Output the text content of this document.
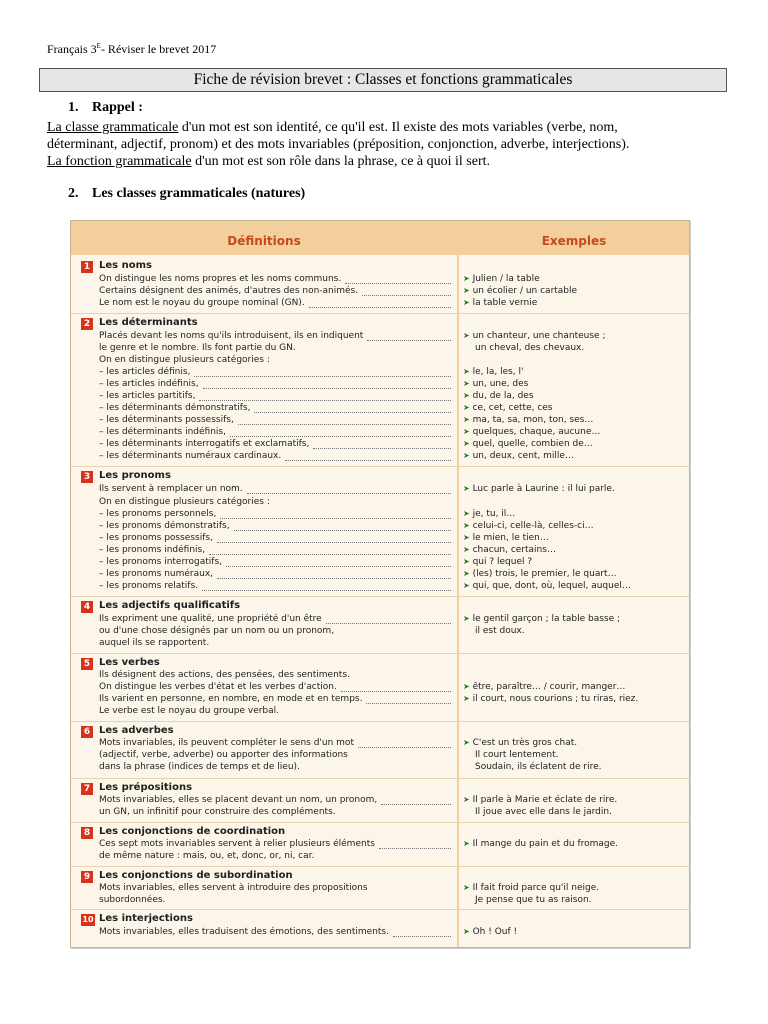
Français $3^E-$ Réviser le brevet 2017
Fiche de révision brevet : Classes et fonctions grammaticales
1. Rappel :
La classe grammaticale d'un mot est son identité, ce qu'il est. Il existe des mots variables (verbe, nom,
déterminant, adjectif, pronom) et des mots invariables (préposition, conjonction, adverbe, interjections).
La fonction grammaticale d'un mot est son rôle dans la phrase, ce à quoi il sert.
2. Les classes grammaticales (natures)
Définitions	Exemples
1 Les noms
2 Les déterminants
3 Les pronoms
4 Les adjectifs qualificatifs
5 Les verbes
6 Les adverbes
7 Les prépositions
8 Les conjonctions de coordination
9 Les conjonctions de subordination
10 Les interjections
On distingue les noms propres et les noms communs.
Certains désignent des animés, d'autres des non-animés.
Le nom est le noyau du groupe nominal (GN).
Placés devant les noms qu'ils introduisent, ils en indiquent
le genre et le nombre. Ils font partie du GN.
On en distingue plusieurs catégories :
– les articles définis,
– les articles indéfinis,
– les articles partitifs,
– les déterminants démonstratifs,
– les déterminants possessifs,
– les déterminants indéfinis,
– les déterminants interrogatifs et exclamatifs,
– les déterminants numéraux cardinaux.
Ils servent à remplacer un nom.
On en distingue plusieurs catégories :
– les pronoms personnels,
– les pronoms démonstratifs,
– les pronoms possessifs,
– les pronoms indéfinis,
– les pronoms interrogatifs,
– les pronoms numéraux,
– les pronoms relatifs.
Ils expriment une qualité, une propriété d'un être
ou d'une chose désignés par un nom ou un pronom,
auquel ils se rapportent.
Ils désignent des actions, des pensées, des sentiments.
On distingue les verbes d'état et les verbes d'action.
Ils varient en personne, en nombre, en mode et en temps.
Le verbe est le noyau du groupe verbal.
Mots invariables, ils peuvent compléter le sens d'un mot
(adjectif, verbe, adverbe) ou apporter des informations
dans la phrase (indices de temps et de lieu).
Mots invariables, elles se placent devant un nom, un pronom,
un GN, un infinitif pour construire des compléments.
Ces sept mots invariables servent à relier plusieurs éléments
de même nature : mais, ou, et, donc, or, ni, car.
Mots invariables, elles servent à introduire des propositions
subordonnées.
Mots invariables, elles traduisent des émotions, des sentiments.
➤ Julien / la table
➤ un écolier / un cartable
➤ la table vernie
➤ un chanteur, une chanteuse ;
un cheval, des chevaux.
➤ le, la, les, l'
➤ un, une, des
➤ du, de la, des
➤ ce, cet, cette, ces
➤ ma, ta, sa, mon, ton, ses…
➤ quelques, chaque, aucune…
➤ quel, quelle, combien de…
➤ un, deux, cent, mille…
➤ Luc parle à Laurine : il lui parle.
➤ je, tu, il…
➤ celui-ci, celle-là, celles-ci…
➤ le mien, le tien…
➤ chacun, certains…
➤ qui ? lequel ?
➤ (les) trois, le premier, le quart…
➤ qui, que, dont, où, lequel, auquel…
➤ le gentil garçon ; la table basse ;
il est doux.
➤ être, paraître… / courir, manger…
➤ il court, nous courions ; tu riras, riez.
➤ C'est un très gros chat.
Il court lentement.
Soudain, ils éclatent de rire.
➤ Il parle à Marie et éclate de rire.
Il joue avec elle dans le jardin.
➤ Il mange du pain et du fromage.
➤ Il fait froid parce qu'il neige.
Je pense que tu as raison.
➤ Oh ! Ouf !
